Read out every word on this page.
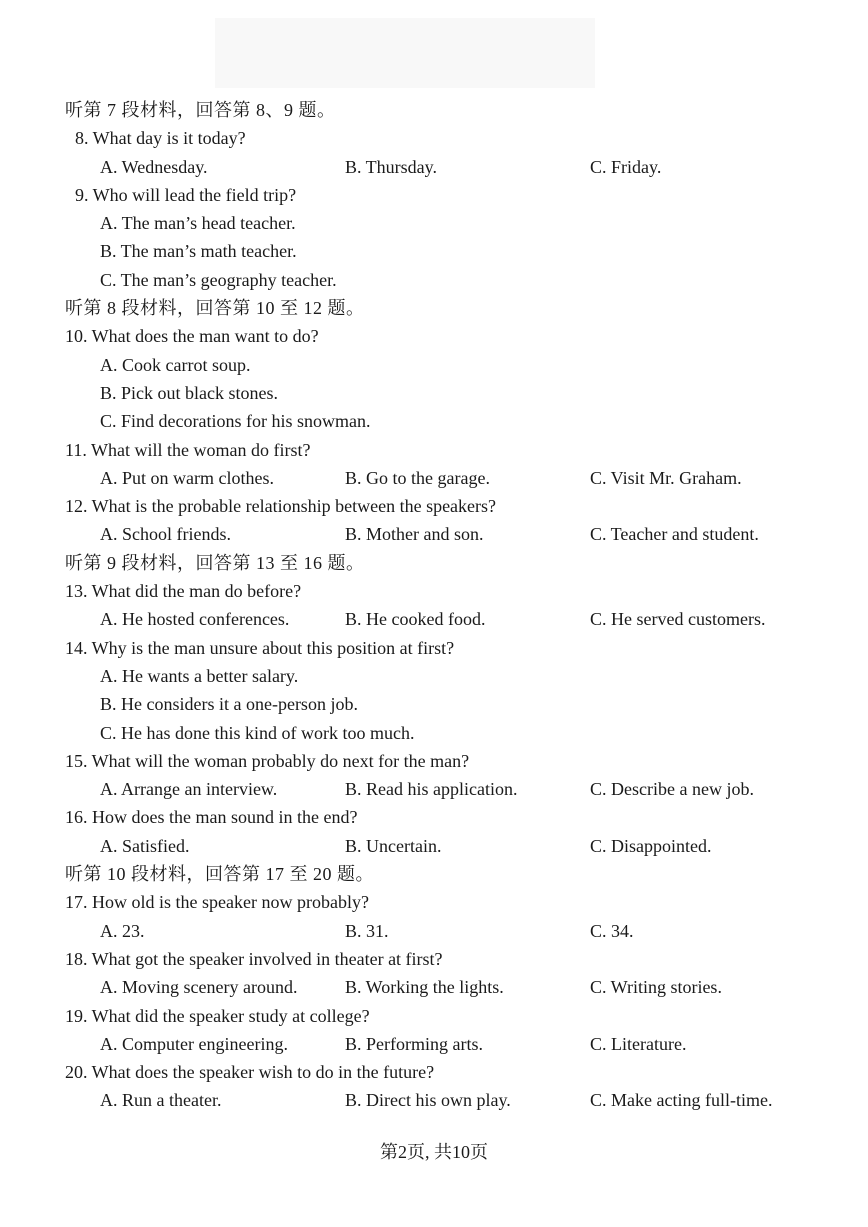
听第 7 段材料，回答第 8、9 题。
8. What day is it today?
A. Wednesday.	B. Thursday.	C. Friday.
9. Who will lead the field trip?
A. The man’s head teacher.
B. The man’s math teacher.
C. The man’s geography teacher.
听第 8 段材料，回答第 10 至 12 题。
10. What does the man want to do?
A. Cook carrot soup.
B. Pick out black stones.
C. Find decorations for his snowman.
11. What will the woman do first?
A. Put on warm clothes.	B. Go to the garage.	C. Visit Mr. Graham.
12. What is the probable relationship between the speakers?
A. School friends.	B. Mother and son.	C. Teacher and student.
听第 9 段材料，回答第 13 至 16 题。
13. What did the man do before?
A. He hosted conferences.	B. He cooked food.	C. He served customers.
14. Why is the man unsure about this position at first?
A. He wants a better salary.
B. He considers it a one-person job.
C. He has done this kind of work too much.
15. What will the woman probably do next for the man?
A. Arrange an interview.	B. Read his application.	C. Describe a new job.
16. How does the man sound in the end?
A. Satisfied.	B. Uncertain.	C. Disappointed.
听第 10 段材料，回答第 17 至 20 题。
17. How old is the speaker now probably?
A. 23.	B. 31.	C. 34.
18. What got the speaker involved in theater at first?
A. Moving scenery around.	B. Working the lights.	C. Writing stories.
19. What did the speaker study at college?
A. Computer engineering.	B. Performing arts.	C. Literature.
20. What does the speaker wish to do in the future?
A. Run a theater.	B. Direct his own play.	C. Make acting full-time.
第2页, 共10页
